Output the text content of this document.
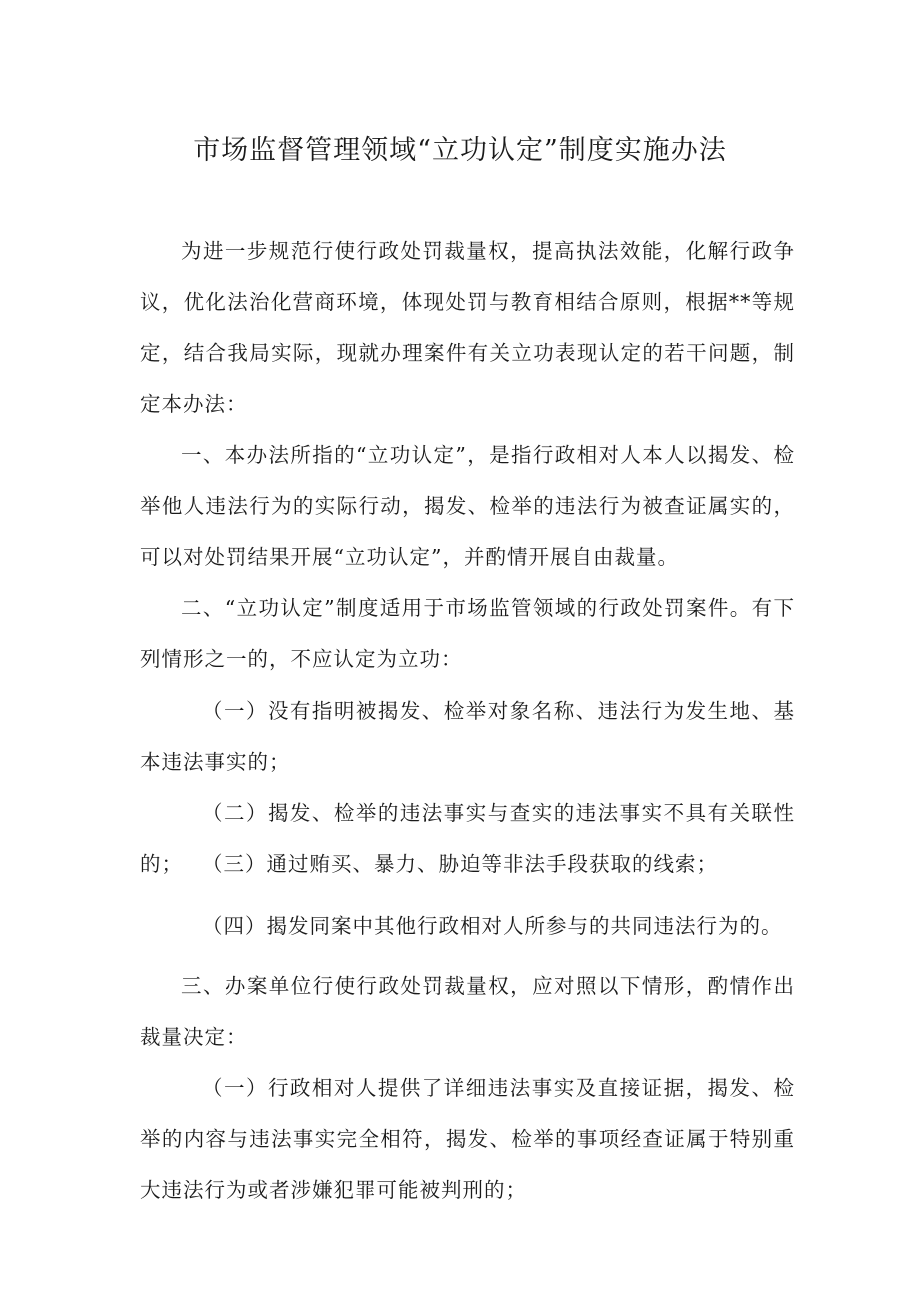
市场监督管理领域“立功认定”制度实施办法

为进一步规范行使行政处罚裁量权，提高执法效能，化解行政争议，优化法治化营商环境，体现处罚与教育相结合原则，根据**等规定，结合我局实际，现就办理案件有关立功表现认定的若干问题，制定本办法：

一、本办法所指的“立功认定”，是指行政相对人本人以揭发、检举他人违法行为的实际行动，揭发、检举的违法行为被查证属实的，可以对处罚结果开展“立功认定”，并酌情开展自由裁量。

二、“立功认定”制度适用于市场监管领域的行政处罚案件。有下列情形之一的，不应认定为立功：

（一）没有指明被揭发、检举对象名称、违法行为发生地、基本违法事实的；

（二）揭发、检举的违法事实与查实的违法事实不具有关联性的； （三）通过贿买、暴力、胁迫等非法手段获取的线索；

（四）揭发同案中其他行政相对人所参与的共同违法行为的。

三、办案单位行使行政处罚裁量权，应对照以下情形，酌情作出裁量决定：

（一）行政相对人提供了详细违法事实及直接证据，揭发、检举的内容与违法事实完全相符，揭发、检举的事项经查证属于特别重大违法行为或者涉嫌犯罪可能被判刑的；
